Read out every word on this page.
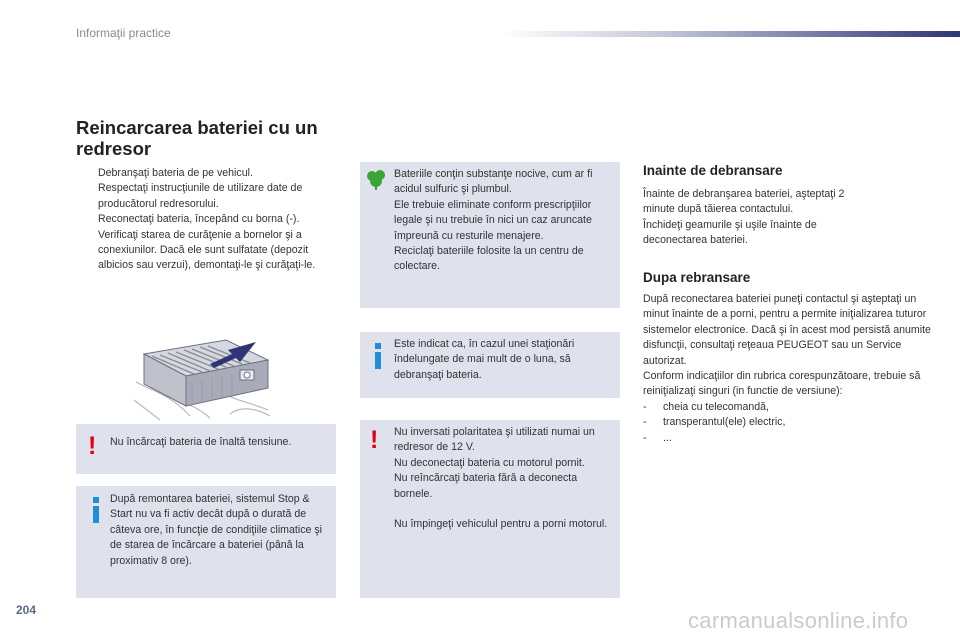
Informaţii practice
Reincarcarea bateriei cu un redresor
Debranşaţi bateria de pe vehicul.
Respectaţi instrucţiunile de utilizare date de producătorul redresorului.
Reconectaţi bateria, începând cu borna (-).
Verificaţi starea de curăţenie a bornelor şi a conexiunilor. Dacă ele sunt sulfatate (depozit albicios sau verzui), demontaţi-le şi curăţaţi-le.
! Nu încărcaţi bateria de înaltă tensiune.
După remontarea bateriei, sistemul Stop & Start nu va fi activ decât după o durată de câteva ore, în funcţie de condiţiile climatice şi de starea de încărcare a bateriei (până la proximativ 8 ore).
Bateriile conţin substanţe nocive, cum ar fi acidul sulfuric şi plumbul.
Ele trebuie eliminate conform prescripţiilor legale şi nu trebuie în nici un caz aruncate împreună cu resturile menajere.
Reciclaţi bateriile folosite la un centru de colectare.
Este indicat ca, în cazul unei staţionări îndelungate de mai mult de o luna, să debranşaţi bateria.
! Nu inversati polaritatea şi utilizati numai un redresor de 12 V.
Nu deconectaţi bateria cu motorul pornit.
Nu reîncărcaţi bateria fără a deconecta bornele.
Nu împingeţi vehiculul pentru a porni motorul.
Inainte de debransare
Înainte de debranşarea bateriei, aşteptaţi 2 minute după tăierea contactului.
Închideţi geamurile şi uşile înainte de deconectarea bateriei.
Dupa rebransare
După reconectarea bateriei puneţi contactul şi aşteptaţi un minut înainte de a porni, pentru a permite iniţializarea tuturor sistemelor electronice. Dacă şi în acest mod persistă anumite disfuncţii, consultaţi reţeaua PEUGEOT sau un Service autorizat.
Conform indicaţiilor din rubrica corespunzătoare, trebuie să reiniţializaţi singuri (in functie de versiune):
- cheia cu telecomandă,
- transperantul(ele) electric,
- ...
204	carmanualsonline.info
